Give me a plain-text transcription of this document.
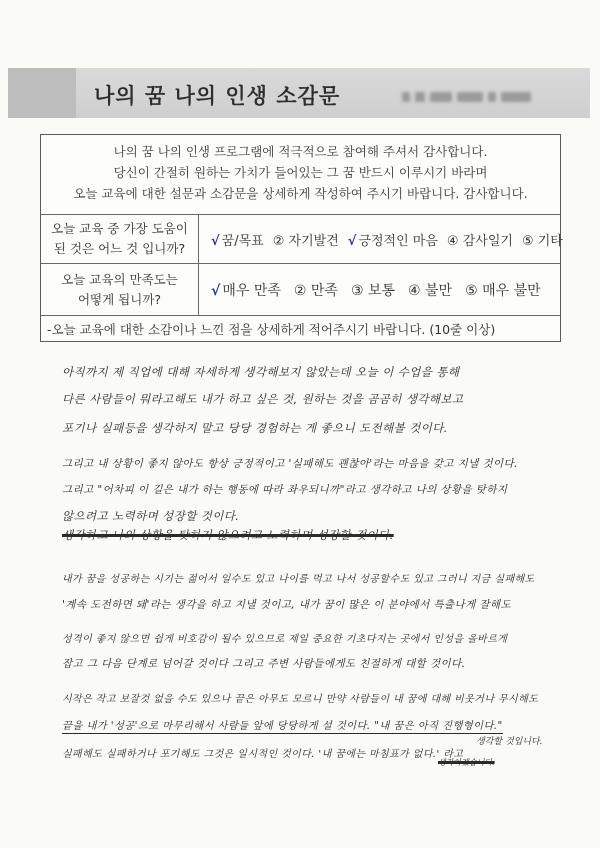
나의 꿈 나의 인생 소감문
나의 꿈 나의 인생 프로그램에 적극적으로 참여해 주셔서 감사합니다.
당신이 간절히 원하는 가치가 들어있는 그 꿈 반드시 이루시기 바라며
오늘 교육에 대한 설문과 소감문을 상세하게 작성하여 주시기 바랍니다. 감사합니다.
오늘 교육 중 가장 도움이
된 것은 어느 것 입니까? √ 꿈/목표 ② 자기발견 √ 긍정적인 마음 ④ 감사일기 ⑤ 기타
오늘 교육의 만족도는
어떻게 됩니까?
√ 매우 만족 ② 만족 ③ 보통 ④ 불만 ⑤ 매우 불만
-오늘 교육에 대한 소감이나 느낀 점을 상세하게 적어주시기 바랍니다. (10줄 이상)
아직까지 제 직업에 대해 자세하게 생각해보지 않았는데 오늘 이 수업을 통해
다른 사람들이 뭐라고해도 내가 하고 싶은 것, 원하는 것을 곰곰히 생각해보고
포기나 실패등을 생각하지 말고 당당 경험하는 게 좋으니 도전해볼 것이다.
그리고 내 상황이 좋지 않아도 항상 긍정적이고 '실패해도 괜찮아'라는 마음을 갖고 지낼 것이다.
그리고 "어차피 이 길은 내가 하는 행동에 따라 좌우되니까"라고 생각하고 나의 상황을 탓하지
않으려고 노력하며 성장할 것이다.
생각하고 나의 상황을 탓하지 않으려고 노력하며 성장할 것이다.
내가 꿈을 성공하는 시기는 젊어서 일수도 있고 나이를 먹고 나서 성공할수도 있고 그러니 지금 실패해도
'계속 도전하면 돼'라는 생각을 하고 지낼 것이고, 내가 꿈이 많은 이 분야에서 특출나게 잘해도
성격이 좋지 않으면 쉽게 비호감이 될수 있으므로 제일 중요한 기초다지는 곳에서 인성을 올바르게
잡고 그 다음 단계로 넘어갈 것이다 그리고 주변 사람들에게도 친절하게 대할 것이다.
시작은 작고 보잘것 없을 수도 있으나 끝은 아무도 모르니 만약 사람들이 내 꿈에 대해 비웃거나 무시해도
끝을 내가 '성공'으로 마무리해서 사람들 앞에 당당하게 설 것이다. "내 꿈은 아직 진행형이다."
실패해도 실패하거나 포기해도 그것은 일시적인 것이다. '내 꿈에는 마침표가 없다.' 라고
생각할 것입니다.
생각하겠습니다.
